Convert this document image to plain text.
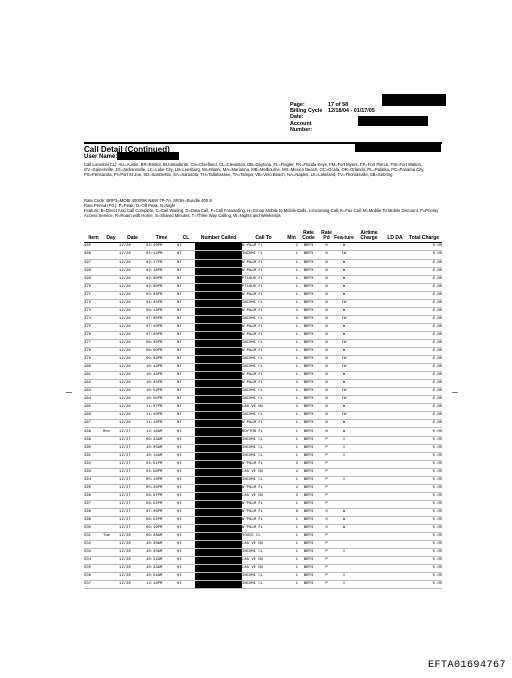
Page:	17 of 58
Billing Cycle Date:
12/18/04 - 01/17/05
Account Number:
Call Detail (Continued)
User Name:
Call Location(CL): AU=Austin, BR=Bristol, BU=Bradentn, CH=Chiefland, CL=Clewiston, DB=Daytona, FL=Flagler, FK=Florida Keys, FM=Fort Myers, FP=Fort Pierce, FW=Fort Walton, GV=Gainesville, JX=Jacksonville, LC=Lake City, LB=Leesburg, MI=Miami, MA=Marianna, MB=Melbourne, MX=Mexico Beach, OC=Ocala, OR=Orlando, PL=Palatka, PC=Panama City, PS=Pensacola, PI=Port St Joe, SD=SanDestin, SA=Sarasota, TH=Tallahassee, TA=Tampa, VB=Vero Beach, NA=Naples, LK=Lakeland, TV=Thomasville, SB=Sebring
Rate Code: BRP3=MOBI 4000/5K N&W 7P-7A, SR3H=Bundle 400 S
Rate Period (Pd.): P=Peak, O=Off Peak, N=Night
Feature: B=Direct Assi Call Complete, C=Call Waiting, D=Data Call, F=Call Forwarding, H=Group Mobile to Mobile Calls, I=Incoming Call, K=Fax Call, M=Mobile To Mobile Discount, P=Priority Access Service, R=Roam with Home, S=Shared Minutes, T=Three Way Calling, W=Nights and Weekends
Item	Day	Date	Time	CL	Number Called	Call To	Min	Rate Code	Rate Pd	Fea-ture	Airtime Charge	LD DA	Total Charge
465		12/26	02:10PM	NI		W PALM FL	2	BRP3	N	W			0.00
466		12/26	02:12PM	NI		INCOMI CL	1	BRP3	N	IW			0.00
467		12/26	02:17PM	NI		W PALM FL	1	BRP3	N	W			0.00
468		12/26	02:18PM	NI		W PALM FL	1	BRP3	N	W			0.00
469		12/26	02:30PM	NI		PTLAUD FL	1	BRP3	N	W			0.00
470		12/26	02:30PM	NI		PTLAUD FL	1	BRP3	N	W			0.00
471		12/26	03:03PM	NI		W PALM FL	1	BRP3	N	W			0.00
472		12/26	04:45PM	NI		INCOMI CL	1	BRP3	N	IW			0.00
473		12/26	06:13PM	NI		W PALM FL	2	BRP3	N	W			0.00
474		12/26	07:05PM	NI		INCOMI CL	2	BRP3	N	IW			0.00
475		12/26	07:10PM	NI		W PALM FL	1	BRP3	N	W			0.00
476		12/26	07:20PM	NI		W PALM FL	1	BRP3	N	W			0.00
477		12/26	08:35PM	NI		INCOMI CL	1	BRP3	N	IW			0.00
478		12/26	08:50PM	NI		W PALM FL	1	BRP3	N	W			0.00
479		12/26	09:02PM	NI		INCOMI CL	1	BRP3	N	IW			0.00
480		12/26	10:42PM	NI		INCOMI CL	1	BRP3	N	IW			0.00
481		12/26	10:43PM	NI		W PALM FL	1	BRP3	N	W			0.00
482		12/26	10:45PM	NI		W PALM FL	2	BRP3	N	W			0.00
483		12/26	10:52PM	NI		INCOMI CL	1	BRP3	N	IW			0.00
484		12/26	10:55PM	NI		INCOMI CL	1	BRP3	N	IW			0.00
485		12/26	11:07PM	NI		LAS VE NV	2	BRP3	N	W			0.00
486		12/26	11:10PM	NI		INCOMI CL	1	BRP3	N	IW			0.00
487		12/26	11:14PM	NI		W PALM FL	1	BRP3	N	W			0.00
488	Mon	12/27	12:16AM	NI		BOYTON FL	1	BRP3	N	W			0.00
489		12/27	09:33AM	NI		INCOMI CL	1	BRP3	P	I			0.00
490		12/27	10:05AM	NI		INCOMI CL	1	BRP3	P	I			0.00
491		12/27	10:14AM	NI		INCOMI CL	1	BRP3	P	I			0.00
492		12/27	04:51PM	NI		W PALM FL	3	BRP3	P				0.00
493		12/27	04:58PM	NI		LAS VE NV	2	BRP3	P				0.00
494		12/27	05:10PM	NI		INCOMI CL	1	BRP3	P	I			0.00
495		12/27	05:26PM	NI		W PALM FL	2	BRP3	P				0.00
496		12/27	06:07PM	NI		LAS VE NV	3	BRP3	P				0.00
497		12/27	06:52PM	NI		W PALM FL	1	BRP3	P				0.00
498		12/27	07:06PM	NI		W PALM FL	8	BRP3	O	W			0.00
499		12/27	08:52PM	NI		W PALM FL	1	BRP3	O	W			0.00
500		12/27	09:19PM	NI		W PALM FL	1	BRP3	O	W			0.00
501	Tue	12/28	09:26AM	NI		YOUCE CL	1	BRP3	P				0.00
502		12/28	10:30AM	NI		LAS VE NV	1	BRP3	P				0.00
503		12/28	10:35AM	NI		INCOMI CL	1	BRP3	P	I			0.00
504		12/28	10:32AM	NI		LAS VE NV	1	BRP3	P				0.00
505		12/28	10:33AM	NI		LAS VE NV	1	BRP3	P				0.00
506		12/28	10:54AM	NI		INCOMI CL	1	BRP3	P	I			0.00
507		12/28	12:16PM	NI		INCOMI CL	1	BRP3	P	I			0.00
EFTA01694767
